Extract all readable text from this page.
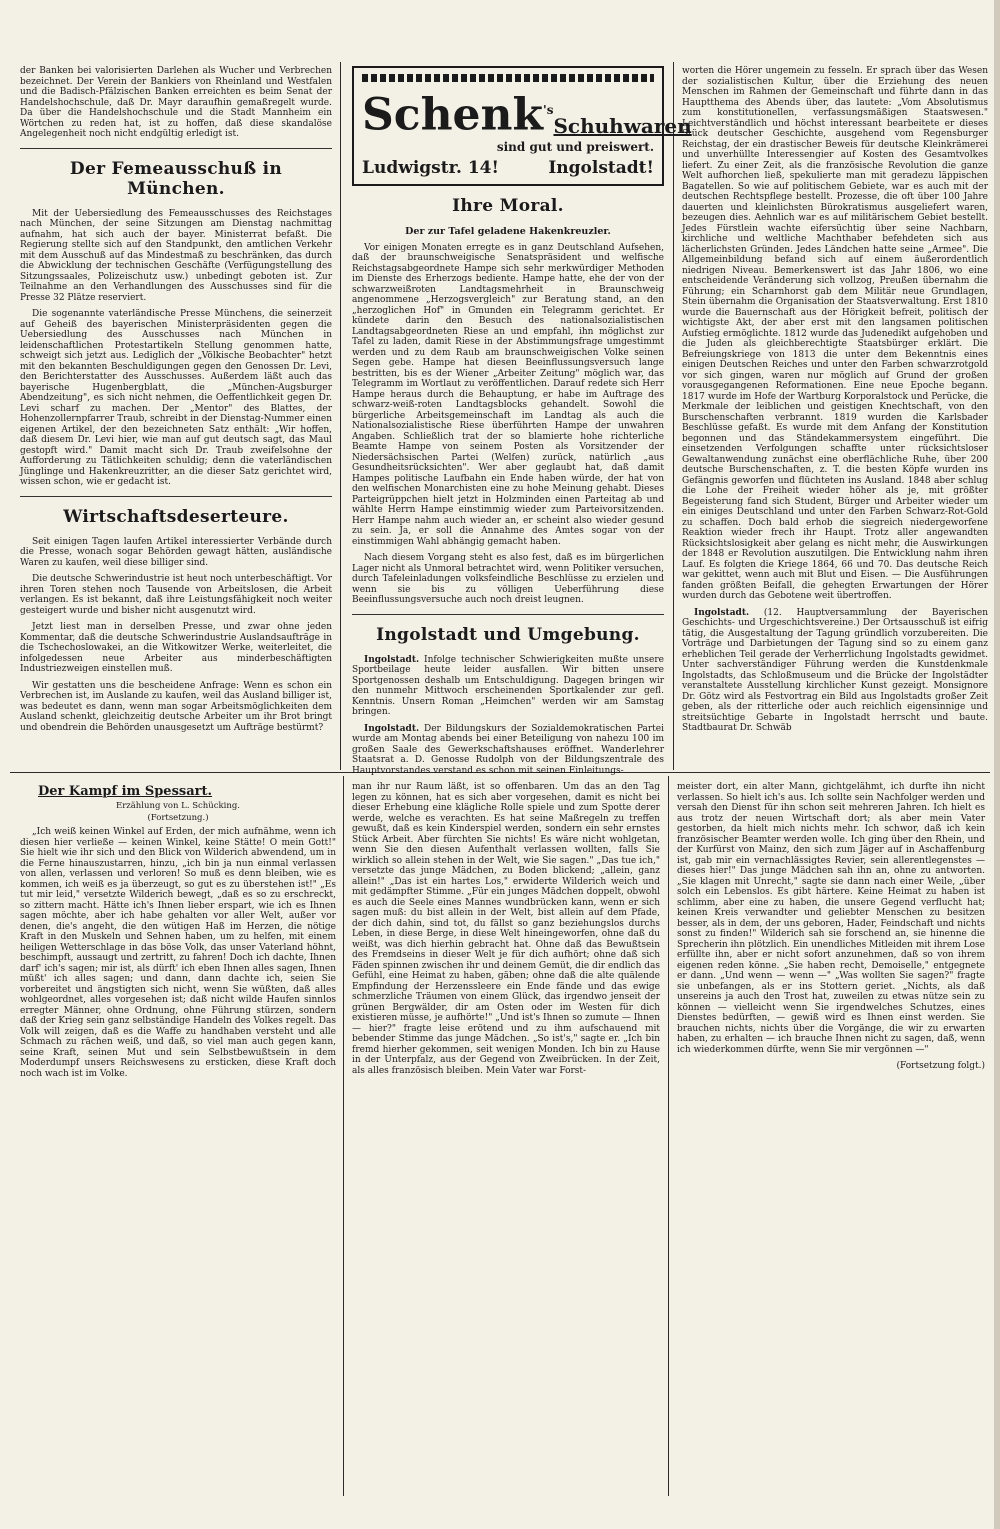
der Banken bei valorisierten Darlehen als Wucher und Verbrechen bezeichnet. Der Verein der Bankiers von Rheinland und Westfalen und die Badisch-Pfälzischen Banken erreichten es beim Senat der Handelshochschule, daß Dr. Mayr daraufhin gemaßregelt wurde. Da über die Handelshochschule und die Stadt Mannheim ein Wörtchen zu reden hat, ist zu hoffen, daß diese skandalöse Angelegenheit noch nicht endgültig erledigt ist.

Der Femeausschuß in München.

Mit der Uebersiedlung des Femeausschusses des Reichstages nach München, der seine Sitzungen am Dienstag nachmittag aufnahm, hat sich auch der bayer. Ministerrat befaßt. Die Regierung stellte sich auf den Standpunkt, den amtlichen Verkehr mit dem Ausschuß auf das Mindestmaß zu beschränken, das durch die Abwicklung der technischen Geschäfte (Verfügungstellung des Sitzungssaales, Polizeischutz usw.) unbedingt geboten ist. Zur Teilnahme an den Verhandlungen des Ausschusses sind für die Presse 32 Plätze reserviert.

Die sogenannte vaterländische Presse Münchens, die seinerzeit auf Geheiß des bayerischen Ministerpräsidenten gegen die Uebersiedlung des Ausschusses nach München in leidenschaftlichen Protestartikeln Stellung genommen hatte, schweigt sich jetzt aus. Lediglich der „Völkische Beobachter" hetzt mit den bekannten Beschuldigungen gegen den Genossen Dr. Levi, den Berichterstatter des Ausschusses. Außerdem läßt auch das bayerische Hugenbergblatt, die „München-Augsburger Abendzeitung", es sich nicht nehmen, die Oeffentlichkeit gegen Dr. Levi scharf zu machen. Der „Mentor" des Blattes, der Hohenzollernpfarrer Traub, schreibt in der Dienstag-Nummer einen eigenen Artikel, der den bezeichneten Satz enthält: „Wir hoffen, daß diesem Dr. Levi hier, wie man auf gut deutsch sagt, das Maul gestopft wird." Damit macht sich Dr. Traub zweifelsohne der Aufforderung zu Tätlichkeiten schuldig; denn die vaterländischen Jünglinge und Hakenkreuzritter, an die dieser Satz gerichtet wird, wissen schon, wie er gedacht ist.

Wirtschaftsdeserteure.

Seit einigen Tagen laufen Artikel interessierter Verbände durch die Presse, wonach sogar Behörden gewagt hätten, ausländische Waren zu kaufen, weil diese billiger sind.

Die deutsche Schwerindustrie ist heut noch unterbeschäftigt. Vor ihren Toren stehen noch Tausende von Arbeitslosen, die Arbeit verlangen. Es ist bekannt, daß ihre Leistungsfähigkeit noch weiter gesteigert wurde und bisher nicht ausgenutzt wird.

Jetzt liest man in derselben Presse, und zwar ohne jeden Kommentar, daß die deutsche Schwerindustrie Auslandsaufträge in die Tschechoslowakei, an die Witkowitzer Werke, weiterleitet, die infolgedessen neue Arbeiter aus minderbeschäftigten Industriezweigen einstellen muß.

Wir gestatten uns die bescheidene Anfrage: Wenn es schon ein Verbrechen ist, im Auslande zu kaufen, weil das Ausland billiger ist, was bedeutet es dann, wenn man sogar Arbeitsmöglichkeiten dem Ausland schenkt, gleichzeitig deutsche Arbeiter um ihr Brot bringt und obendrein die Behörden unausgesetzt um Aufträge bestürmt?

Schenk$^{'s}$
Schuhwaren
sind gut und preiswert.
Ludwigstr. 14!	Ingolstadt!
Ihre Moral.
Der zur Tafel geladene Hakenkreuzler.

Vor einigen Monaten erregte es in ganz Deutschland Aufsehen, daß der braunschweigische Senatspräsident und welfische Reichstagsabgeordnete Hampe sich sehr merkwürdiger Methoden im Dienste des Erherzogs bediente. Hampe hatte, ehe der von der schwarzweißroten Landtagsmehrheit in Braunschweig angenommene „Herzogsvergleich" zur Beratung stand, an den „herzoglichen Hof" in Gmunden ein Telegramm gerichtet. Er kündete darin den Besuch des nationalsozialistischen Landtagsabgeordneten Riese an und empfahl, ihn möglichst zur Tafel zu laden, damit Riese in der Abstimmungsfrage umgestimmt werden und zu dem Raub am braunschweigischen Volke seinen Segen gebe. Hampe hat diesen Beeinflussungsversuch lange bestritten, bis es der Wiener „Arbeiter Zeitung" möglich war, das Telegramm im Wortlaut zu veröffentlichen. Darauf redete sich Herr Hampe heraus durch die Behauptung, er habe im Auftrage des schwarz-weiß-roten Landtagsblocks gehandelt. Sowohl die bürgerliche Arbeitsgemeinschaft im Landtag als auch die Nationalsozialistische Riese überführten Hampe der unwahren Angaben. Schließlich trat der so blamierte hohe richterliche Beamte Hampe von seinem Posten als Vorsitzender der Niedersächsischen Partei (Welfen) zurück, natürlich „aus Gesundheitsrücksichten". Wer aber geglaubt hat, daß damit Hampes politische Laufbahn ein Ende haben würde, der hat von den welfischen Monarchisten eine zu hohe Meinung gehabt. Dieses Parteigrüppchen hielt jetzt in Holzminden einen Parteitag ab und wählte Herrn Hampe einstimmig wieder zum Parteivorsitzenden. Herr Hampe nahm auch wieder an, er scheint also wieder gesund zu sein. Ja, er soll die Annahme des Amtes sogar von der einstimmigen Wahl abhängig gemacht haben.

Nach diesem Vorgang steht es also fest, daß es im bürgerlichen Lager nicht als Unmoral betrachtet wird, wenn Politiker versuchen, durch Tafeleinladungen volksfeindliche Beschlüsse zu erzielen und wenn sie bis zu völligen Ueberführung diese Beeinflussungsversuche auch noch dreist leugnen.

Ingolstadt und Umgebung.

Ingolstadt. Infolge technischer Schwierigkeiten mußte unsere Sportbeilage heute leider ausfallen. Wir bitten unsere Sportgenossen deshalb um Entschuldigung. Dagegen bringen wir den nunmehr Mittwoch erscheinenden Sportkalender zur gefl. Kenntnis. Unsern Roman „Heimchen" werden wir am Samstag bringen.

Ingolstadt. Der Bildungskurs der Sozialdemokratischen Partei wurde am Montag abends bei einer Beteiligung von nahezu 100 im großen Saale des Gewerkschaftshauses eröffnet. Wanderlehrer Staatsrat a. D. Genosse Rudolph von der Bildungszentrale des Hauptvorstandes verstand es schon mit seinen Einleitungs-

worten die Hörer ungemein zu fesseln. Er sprach über das Wesen der sozialistischen Kultur, über die Erziehung des neuen Menschen im Rahmen der Gemeinschaft und führte dann in das Hauptthema des Abends über, das lautete: „Vom Absolutismus zum konstitutionellen, verfassungsmäßigen Staatswesen." Leichtverständlich und höchst interessant bearbeitete er dieses Stück deutscher Geschichte, ausgehend vom Regensburger Reichstag, der ein drastischer Beweis für deutsche Kleinkrämerei und unverhüllte Interessengier auf Kosten des Gesamtvolkes liefert. Zu einer Zeit, als die französische Revolution die ganze Welt aufhorchen ließ, spekulierte man mit geradezu läppischen Bagatellen. So wie auf politischem Gebiete, war es auch mit der deutschen Rechtspflege bestellt. Prozesse, die oft über 100 Jahre dauerten und kleinlichsten Bürokratismus ausgeliefert waren, bezeugen dies. Aehnlich war es auf militärischem Gebiet bestellt. Jedes Fürstlein wachte eifersüchtig über seine Nachbarn, kirchliche und weltliche Machthaber befehdeten sich aus lächerlichsten Gründen. Jedes Ländchen hatte seine „Armee". Die Allgemeinbildung befand sich auf einem äußerordentlich niedrigen Niveau. Bemerkenswert ist das Jahr 1806, wo eine entscheidende Veränderung sich vollzog, Preußen übernahm die Führung; ein Scharnhorst gab dem Militär neue Grundlagen, Stein übernahm die Organisation der Staatsverwaltung. Erst 1810 wurde die Bauernschaft aus der Hörigkeit befreit, politisch der wichtigste Akt, der aber erst mit den langsamen politischen Aufstieg ermöglichte. 1812 wurde das Judenedikt aufgehoben und die Juden als gleichberechtigte Staatsbürger erklärt. Die Befreiungskriege von 1813 die unter dem Bekenntnis eines einigen Deutschen Reiches und unter den Farben schwarzrotgold vor sich gingen, waren nur möglich auf Grund der großen vorausgegangenen Reformationen. Eine neue Epoche begann. 1817 wurde im Hofe der Wartburg Korporalstock und Perücke, die Merkmale der leiblichen und geistigen Knechtschaft, von den Burschenschaften verbrannt. 1819 wurden die Karlsbader Beschlüsse gefaßt. Es wurde mit dem Anfang der Konstitution begonnen und das Ständekammersystem eingeführt. Die einsetzenden Verfolgungen schaffte unter rücksichtsloser Gewaltanwendung zunächst eine oberflächliche Ruhe, über 200 deutsche Burschenschaften, z. T. die besten Köpfe wurden ins Gefängnis geworfen und flüchteten ins Ausland. 1848 aber schlug die Lohe der Freiheit wieder höher als je, mit größter Begeisterung fand sich Student, Bürger und Arbeiter wieder um ein einiges Deutschland und unter den Farben Schwarz-Rot-Gold zu schaffen. Doch bald erhob die siegreich niedergeworfene Reaktion wieder frech ihr Haupt. Trotz aller angewandten Rücksichtslosigkeit aber gelang es nicht mehr, die Auswirkungen der 1848 er Revolution auszutilgen. Die Entwicklung nahm ihren Lauf. Es folgten die Kriege 1864, 66 und 70. Das deutsche Reich war gekittet, wenn auch mit Blut und Eisen. — Die Ausführungen fanden größten Beifall, die gehegten Erwartungen der Hörer wurden durch das Gebotene weit übertroffen.

Ingolstadt. (12. Hauptversammlung der Bayerischen Geschichts- und Urgeschichtsvereine.) Der Ortsausschuß ist eifrig tätig, die Ausgestaltung der Tagung gründlich vorzubereiten. Die Vorträge und Darbietungen der Tagung sind so zu einem ganz erheblichen Teil gerade der Verherrlichung Ingolstadts gewidmet. Unter sachverständiger Führung werden die Kunstdenkmale Ingolstadts, das Schloßmuseum und die Brücke der Ingolstädter veranstaltete Ausstellung kirchlicher Kunst gezeigt. Monsignore Dr. Götz wird als Festvortrag ein Bild aus Ingolstadts großer Zeit geben, als der ritterliche oder auch reichlich eigensinnige und streitsüchtige Gebarte in Ingolstadt herrscht und baute. Stadtbaurat Dr. Schwäb

Der Kampf im Spessart.
Erzählung von L. Schücking.
(Fortsetzung.)

„Ich weiß keinen Winkel auf Erden, der mich aufnähme, wenn ich diesen hier verließe — keinen Winkel, keine Stätte! O mein Gott!" Sie hielt wie ihr sich und den Blick von Wilderich abwendend, um in die Ferne hinauszustarren, hinzu, „ich bin ja nun einmal verlassen von allen, verlassen und verloren! So muß es denn bleiben, wie es kommen, ich weiß es ja überzeugt, so gut es zu überstehen ist!" „Es tut mir leid," versetzte Wilderich bewegt, „daß es so zu erschreckt, so zittern macht. Hätte ich's Ihnen lieber erspart, wie ich es Ihnen sagen möchte, aber ich habe gehalten vor aller Welt, außer vor denen, die's angeht, die den wütigen Haß im Herzen, die nötige Kraft in den Muskeln und Sehnen haben, um zu helfen, mit einem heiligen Wetterschlage in das böse Volk, das unser Vaterland höhnt, beschimpft, aussaugt und zertritt, zu fahren! Doch ich dachte, Ihnen darf' ich's sagen; mir ist, als dürft' ich eben Ihnen alles sagen, Ihnen müßt' ich alles sagen; und dann, dann dachte ich, seien Sie vorbereitet und ängstigten sich nicht, wenn Sie wüßten, daß alles wohlgeordnet, alles vorgesehen ist; daß nicht wilde Haufen sinnlos erregter Männer, ohne Ordnung, ohne Führung stürzen, sondern daß der Krieg sein ganz selbständige Handeln des Volkes regelt. Das Volk will zeigen, daß es die Waffe zu handhaben versteht und alle Schmach zu rächen weiß, und daß, so viel man auch gegen kann, seine Kraft, seinen Mut und sein Selbstbewußtsein in dem Moderdumpf unsers Reichswesens zu ersticken, diese Kraft doch noch wach ist im Volke.

man ihr nur Raum läßt, ist so offenbaren. Um das an den Tag legen zu können, hat es sich aber vorgesehen, damit es nicht bei dieser Erhebung eine klägliche Rolle spiele und zum Spotte derer werde, welche es verachten. Es hat seine Maßregeln zu treffen gewußt, daß es kein Kinderspiel werden, sondern ein sehr ernstes Stück Arbeit. Aber fürchten Sie nichts! Es wäre nicht wohlgetan, wenn Sie den diesen Aufenthalt verlassen wollten, falls Sie wirklich so allein stehen in der Welt, wie Sie sagen." „Das tue ich," versetzte das junge Mädchen, zu Boden blickend; „allein, ganz allein!" „Das ist ein hartes Los," erwiderte Wilderich weich und mit gedämpfter Stimme. „Für ein junges Mädchen doppelt, obwohl es auch die Seele eines Mannes wundbrücken kann, wenn er sich sagen muß: du bist allein in der Welt, bist allein auf dem Pfade, der dich dahin, sind tot, du fällst so ganz beziehungslos durchs Leben, in diese Berge, in diese Welt hineingeworfen, ohne daß du weißt, was dich hierhin gebracht hat. Ohne daß das Bewußtsein des Fremdseins in dieser Welt je für dich aufhört; ohne daß sich Fäden spinnen zwischen ihr und deinem Gemüt, die dir endlich das Gefühl, eine Heimat zu haben, gäben; ohne daß die alte quälende Empfindung der Herzenssleere ein Ende fände und das ewige schmerzliche Träumen von einem Glück, das irgendwo jenseit der grünen Bergwälder, dir am Osten oder im Westen für dich existieren müsse, je aufhörte!" „Und ist's Ihnen so zumute — Ihnen — hier?" fragte leise erötend und zu ihm aufschauend mit bebender Stimme das junge Mädchen. „So ist's," sagte er. „Ich bin fremd hierher gekommen, seit wenigen Monden. Ich bin zu Hause in der Unterpfalz, aus der Gegend von Zweibrücken. In der Zeit, als alles französisch bleiben. Mein Vater war Forst-

meister dort, ein alter Mann, gichtgelähmt, ich durfte ihn nicht verlassen. So hielt ich's aus. Ich sollte sein Nachfolger werden und versah den Dienst für ihn schon seit mehreren Jahren. Ich hielt es aus trotz der neuen Wirtschaft dort; als aber mein Vater gestorben, da hielt mich nichts mehr. Ich schwor, daß ich kein französischer Beamter werden wolle. Ich ging über den Rhein, und der Kurfürst von Mainz, den sich zum Jäger auf in Aschaffenburg ist, gab mir ein vernachlässigtes Revier, sein allerentlegenstes — dieses hier!" Das junge Mädchen sah ihn an, ohne zu antworten. „Sie klagen mit Unrecht," sagte sie dann nach einer Weile, „über solch ein Lebenslos. Es gibt härtere. Keine Heimat zu haben ist schlimm, aber eine zu haben, die unsere Gegend verflucht hat; keinen Kreis verwandter und geliebter Menschen zu besitzen besser, als in dem, der uns geboren, Hader, Feindschaft und nichts sonst zu finden!" Wilderich sah sie forschend an, sie hinenne die Sprecherin ihn plötzlich. Ein unendliches Mitleiden mit ihrem Lose erfüllte ihn, aber er nicht sofort anzunehmen, daß so von ihrem eigenen reden könne. „Sie haben recht, Demoiselle," entgegnete er dann. „Und wenn — wenn —" „Was wollten Sie sagen?" fragte sie unbefangen, als er ins Stottern geriet. „Nichts, als daß unsereins ja auch den Trost hat, zuweilen zu etwas nütze sein zu können — vielleicht wenn Sie irgendwelches Schutzes, eines Dienstes bedürften, — gewiß wird es Ihnen einst werden. Sie brauchen nichts, nichts über die Vorgänge, die wir zu erwarten haben, zu erhalten — ich brauche Ihnen nicht zu sagen, daß, wenn ich wiederkommen dürfte, wenn Sie mir vergönnen —"

(Fortsetzung folgt.)
